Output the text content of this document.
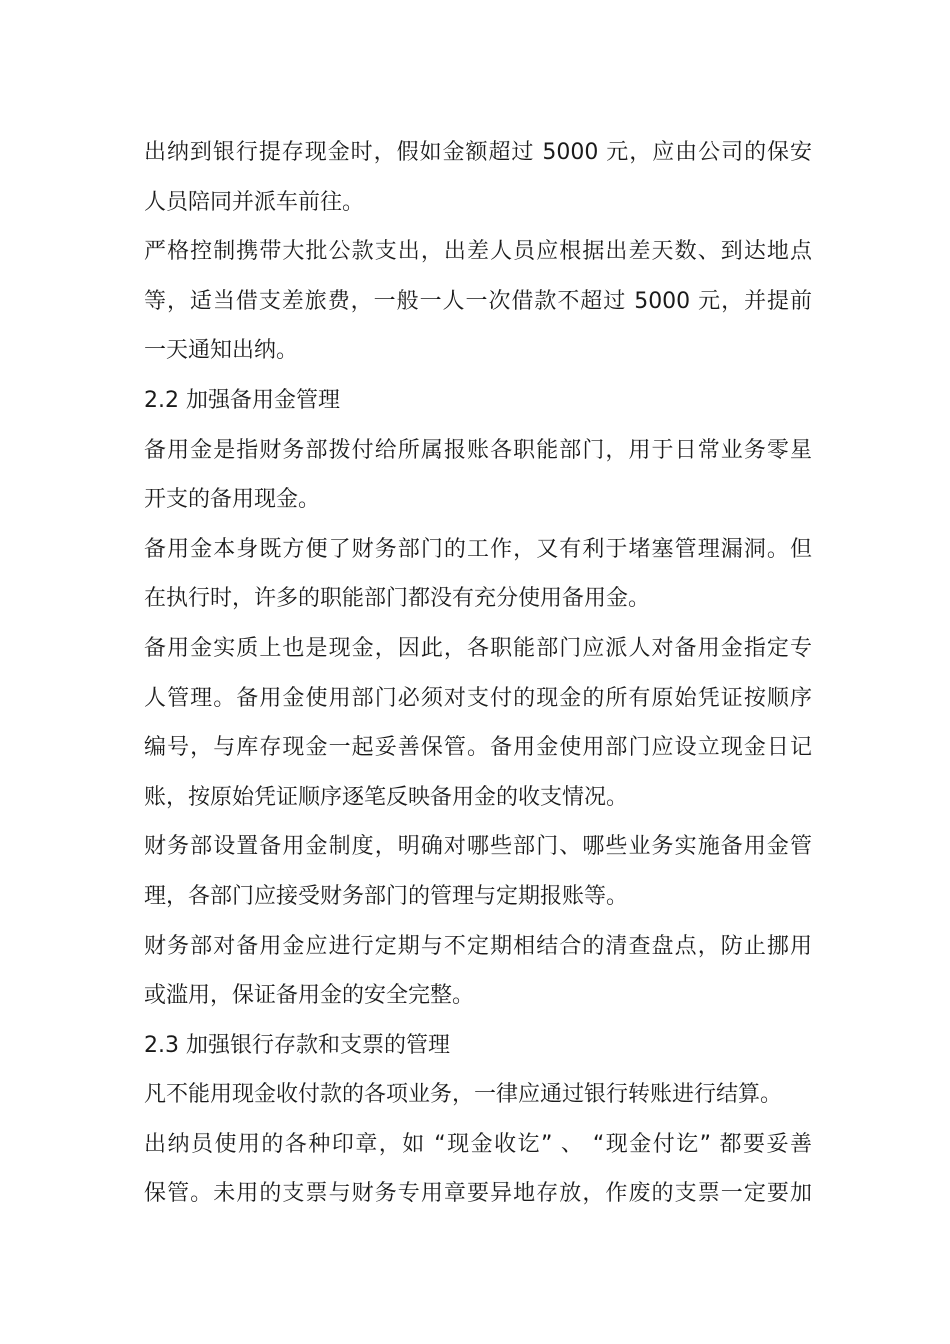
出纳到银行提存现金时，假如金额超过 5000 元，应由公司的保安
人员陪同并派车前往。
严格控制携带大批公款支出，出差人员应根据出差天数、到达地点
等，适当借支差旅费，一般一人一次借款不超过 5000 元，并提前
一天通知出纳。
2.2 加强备用金管理
备用金是指财务部拨付给所属报账各职能部门，用于日常业务零星
开支的备用现金。
备用金本身既方便了财务部门的工作，又有利于堵塞管理漏洞。但
在执行时，许多的职能部门都没有充分使用备用金。
备用金实质上也是现金，因此，各职能部门应派人对备用金指定专
人管理。备用金使用部门必须对支付的现金的所有原始凭证按顺序
编号，与库存现金一起妥善保管。备用金使用部门应设立现金日记
账，按原始凭证顺序逐笔反映备用金的收支情况。
财务部设置备用金制度，明确对哪些部门、哪些业务实施备用金管
理，各部门应接受财务部门的管理与定期报账等。
财务部对备用金应进行定期与不定期相结合的清查盘点，防止挪用
或滥用，保证备用金的安全完整。
2.3 加强银行存款和支票的管理
凡不能用现金收付款的各项业务，一律应通过银行转账进行结算。
出纳员使用的各种印章，如 “现金收讫” 、 “现金付讫” 都要妥善
保管。未用的支票与财务专用章要异地存放，作废的支票一定要加
